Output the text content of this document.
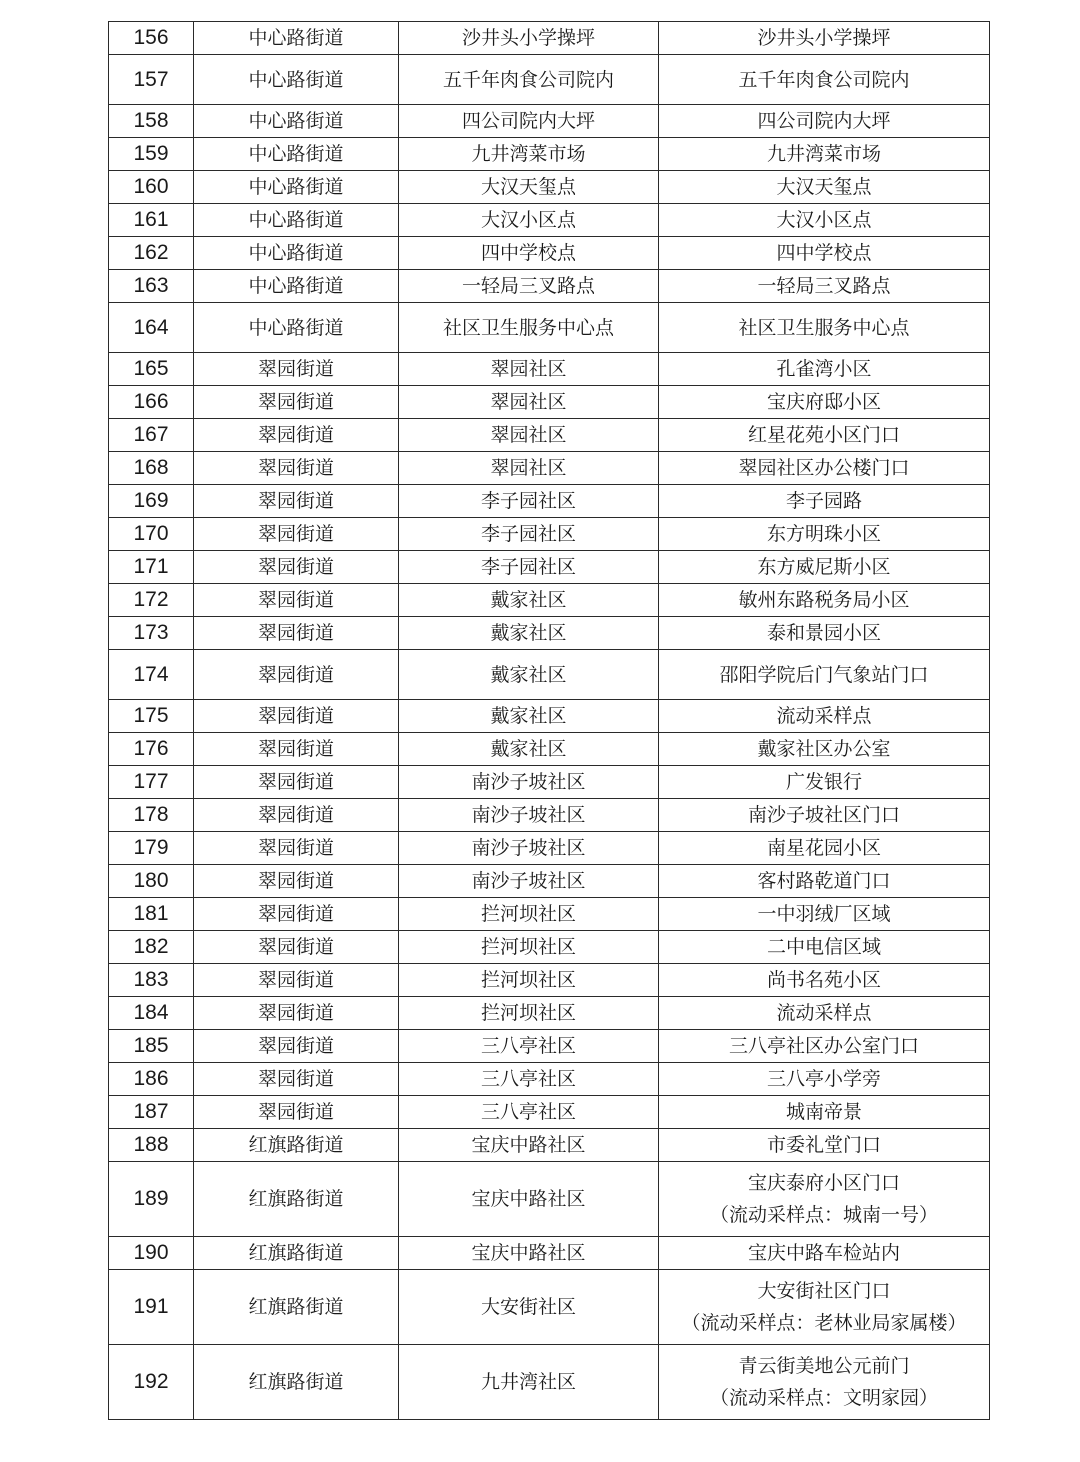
156	中心路街道	沙井头小学操坪	沙井头小学操坪
157	中心路街道	五千年肉食公司院内	五千年肉食公司院内
158	中心路街道	四公司院内大坪	四公司院内大坪
159	中心路街道	九井湾菜市场	九井湾菜市场
160	中心路街道	大汉天玺点	大汉天玺点
161	中心路街道	大汉小区点	大汉小区点
162	中心路街道	四中学校点	四中学校点
163	中心路街道	一轻局三叉路点	一轻局三叉路点
164	中心路街道	社区卫生服务中心点	社区卫生服务中心点
165	翠园街道	翠园社区	孔雀湾小区
166	翠园街道	翠园社区	宝庆府邸小区
167	翠园街道	翠园社区	红星花苑小区门口
168	翠园街道	翠园社区	翠园社区办公楼门口
169	翠园街道	李子园社区	李子园路
170	翠园街道	李子园社区	东方明珠小区
171	翠园街道	李子园社区	东方威尼斯小区
172	翠园街道	戴家社区	敏州东路税务局小区
173	翠园街道	戴家社区	泰和景园小区
174	翠园街道	戴家社区	邵阳学院后门气象站门口
175	翠园街道	戴家社区	流动采样点
176	翠园街道	戴家社区	戴家社区办公室
177	翠园街道	南沙子坡社区	广发银行
178	翠园街道	南沙子坡社区	南沙子坡社区门口
179	翠园街道	南沙子坡社区	南星花园小区
180	翠园街道	南沙子坡社区	客村路乾道门口
181	翠园街道	拦河坝社区	一中羽绒厂区域
182	翠园街道	拦河坝社区	二中电信区域
183	翠园街道	拦河坝社区	尚书名苑小区
184	翠园街道	拦河坝社区	流动采样点
185	翠园街道	三八亭社区	三八亭社区办公室门口
186	翠园街道	三八亭社区	三八亭小学旁
187	翠园街道	三八亭社区	城南帝景
188	红旗路街道	宝庆中路社区	市委礼堂门口
189	红旗路街道	宝庆中路社区	宝庆泰府小区门口
（流动采样点：城南一号）

190	红旗路街道	宝庆中路社区	宝庆中路车检站内
191	红旗路街道	大安街社区	大安街社区门口
（流动采样点：老林业局家属楼）

192	红旗路街道	九井湾社区	青云街美地公元前门
（流动采样点：文明家园）
